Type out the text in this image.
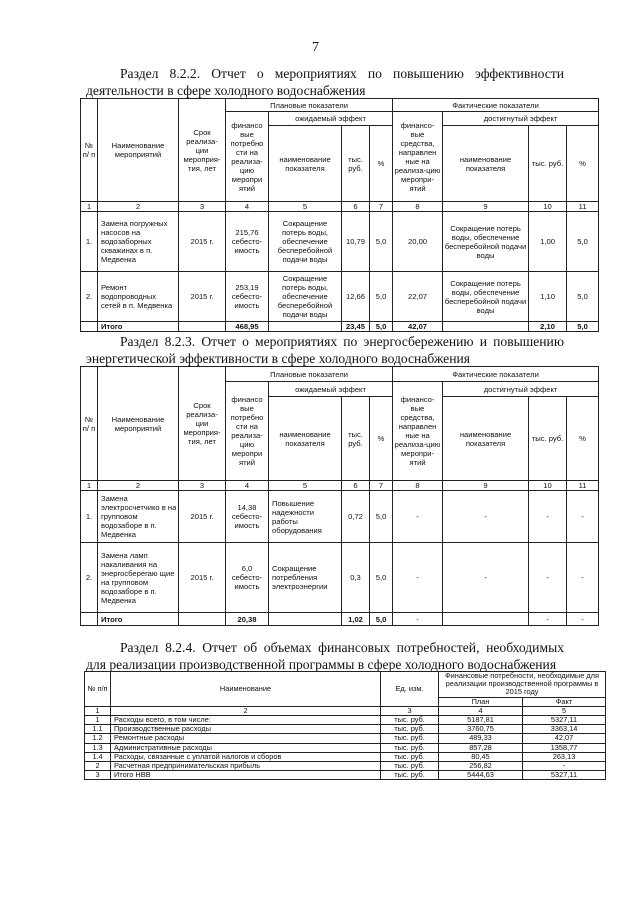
7
Раздел 8.2.2. Отчет о мероприятиях по повышению эффективности
деятельности в сфере холодного водоснабжения
№ п/ п	Наименование мероприятий	Срок реализа-ции мероприя-тия, лет	Плановые показатели				Фактические показатели			
			финансо вые потребно сти на реализа-цию меропри ятий	ожидаемый эффект			финансо-вые средства, направлен ные на реализа-цию меропри-ятий	достигнутый эффект		
				наименование показателя	тыс. руб.	%		наименование показателя	тыс. руб.	%
1	2	3	4	5	6	7	8	9	10	11
1.	Замена погружных насосов на водозаборных скважинах в п. Медвенка	2015 г.	215,76 себестоимость	Сокращение потерь воды, обеспечение бесперебойной подачи воды	10,79	5,0	20,00	Сокращение потерь воды, обеспечение бесперебойной подачи воды	1,00	5,0
2.	Ремонт водопроводных сетей в п. Медвенка	2015 г.	253,19 себестоимость	Сокращение потерь воды, обеспечение бесперебойной подачи воды	12,66	5,0	22,07	Сокращение потерь воды, обеспечение бесперебойной подачи воды	1,10	5,0
	Итого		468,95		23,45	5,0	42,07		2,10	5,0
Раздел 8.2.3. Отчет о мероприятиях по энергосбережению и повышению
энергетической эффективности в сфере холодного водоснабжения
№ п/ п	Наименование мероприятий	Срок реализа-ции мероприя-тия, лет	Плановые показатели				Фактические показатели			
			финансо вые потребно сти на реализа-цию меропри ятий	ожидаемый эффект			финансо-вые средства, направлен ные на реализа-цию меропри-ятий	достигнутый эффект		
				наименование показателя	тыс. руб.	%		наименование показателя	тыс. руб.	%
1	2	3	4	5	6	7	8	9	10	11
1.	Замена электросчетчико в на групповом водозаборе в п. Медвенка	2015 г.	14,38 себестоимость	Повышение надежности работы оборудования	0,72	5,0	-	-	-	-
2.	Замена ламп накаливания на энергосберегаю щие на групповом водозаборе в п. Медвенка	2015 г.	6,0 себестоимость	Сокращение потребления электроэнергии	0,3	5,0	-	-	-	-
	Итого		20,38		1,02	5,0	-		-	-
Раздел 8.2.4. Отчет об объемах финансовых потребностей, необходимых
для реализации производственной программы в сфере холодного водоснабжения
№ п/п	Наименование	Ед. изм.	Финансовые потребности, необходимые для реализации производственной программы в 2015 году	
			План	Факт
1	2	3	4	5
1	Расходы всего, в том числе:	тыс. руб.	5187,81	5327,11
1.1	Производственные расходы	тыс. руб.	3760,75	3363,14
1.2	Ремонтные расходы	тыс. руб.	489,33	42,07
1.3	Административные расходы	тыс. руб.	857,28	1358,77
1.4	Расходы, связанные с уплатой налогов и сборов	тыс. руб.	80,45	263,13
2	Расчетная предпринимательская прибыль	тыс. руб.	256,82	-
3	Итого НВВ	тыс. руб.	5444,63	5327,11
